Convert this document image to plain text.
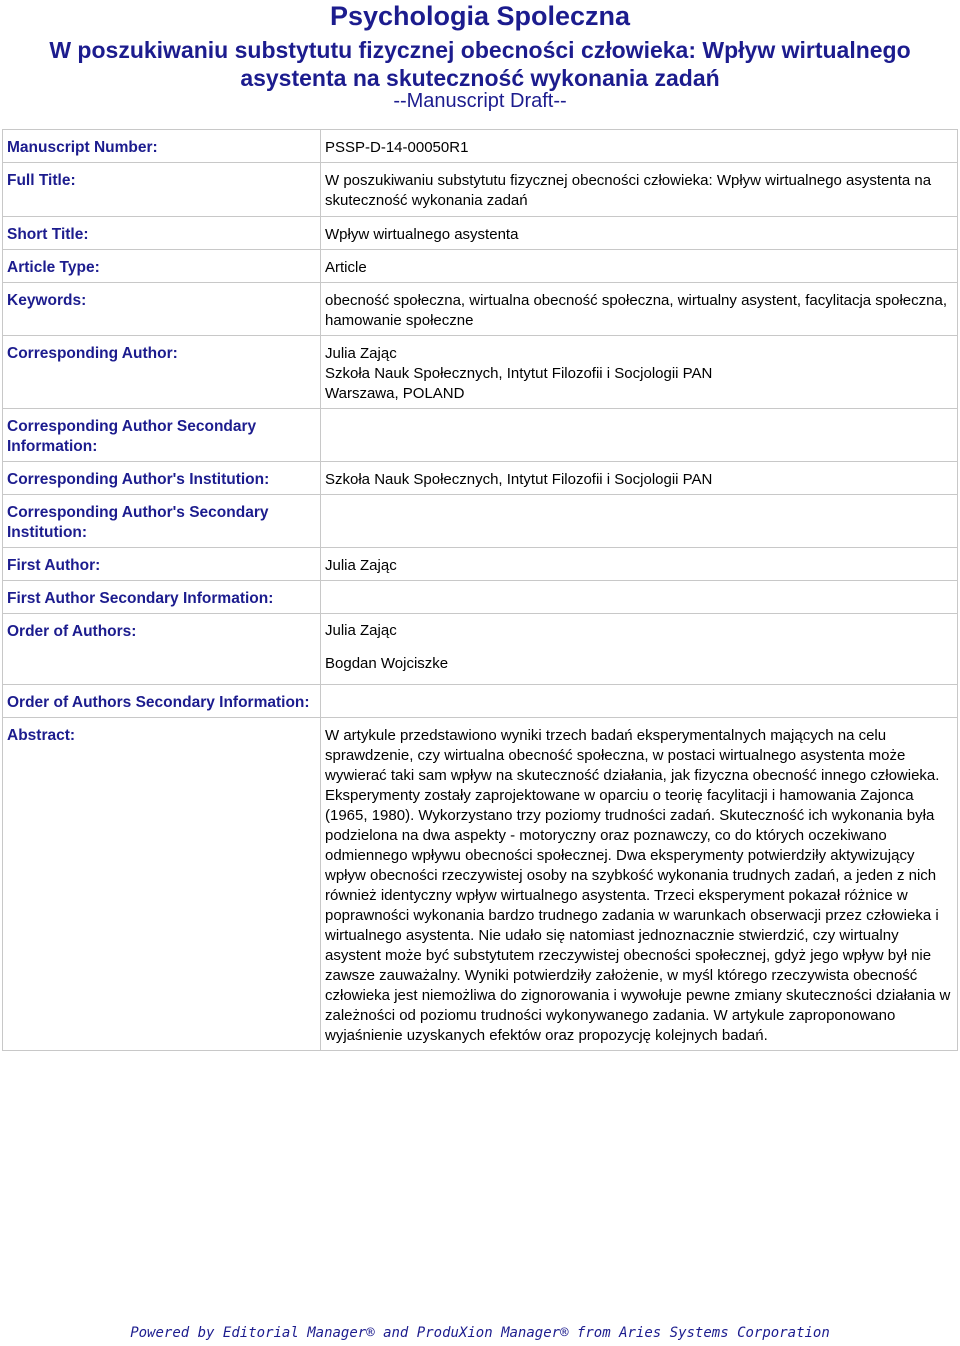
Psychologia Spoleczna
W poszukiwaniu substytutu fizycznej obecności człowieka: Wpływ wirtualnego asystenta na skuteczność wykonania zadań
--Manuscript Draft--
Manuscript Number:	PSSP-D-14-00050R1
Full Title:	W poszukiwaniu substytutu fizycznej obecności człowieka: Wpływ wirtualnego asystenta na skuteczność wykonania zadań
Short Title:	Wpływ wirtualnego asystenta
Article Type:	Article
Keywords:	obecność społeczna, wirtualna obecność społeczna, wirtualny asystent, facylitacja społeczna, hamowanie społeczne
Corresponding Author:	Julia Zając
Szkoła Nauk Społecznych, Intytut Filozofii i Socjologii PAN
Warszawa, POLAND

Corresponding Author Secondary Information:	
Corresponding Author's Institution:	Szkoła Nauk Społecznych, Intytut Filozofii i Socjologii PAN
Corresponding Author's Secondary Institution:	
First Author:	Julia Zając
First Author Secondary Information:	
Order of Authors:	Julia Zając
Bogdan Wojciszke

Order of Authors Secondary Information:	
Abstract:	W artykule przedstawiono wyniki trzech badań eksperymentalnych mających na celu sprawdzenie, czy wirtualna obecność społeczna, w postaci wirtualnego asystenta może wywierać taki sam wpływ na skuteczność działania, jak fizyczna obecność innego człowieka. Eksperymenty zostały zaprojektowane w oparciu o teorię facylitacji i hamowania Zajonca (1965, 1980). Wykorzystano trzy poziomy trudności zadań. Skuteczność ich wykonania była podzielona na dwa aspekty - motoryczny oraz poznawczy, co do których oczekiwano odmiennego wpływu obecności społecznej. Dwa eksperymenty potwierdziły aktywizujący wpływ obecności rzeczywistej osoby na szybkość wykonania trudnych zadań, a jeden z nich również identyczny wpływ wirtualnego asystenta. Trzeci eksperyment pokazał różnice w poprawności wykonania bardzo trudnego zadania w warunkach obserwacji przez człowieka i wirtualnego asystenta. Nie udało się natomiast jednoznacznie stwierdzić, czy wirtualny asystent może być substytutem rzeczywistej obecności społecznej, gdyż jego wpływ był nie zawsze zauważalny. Wyniki potwierdziły założenie, w myśl którego rzeczywista obecność człowieka jest niemożliwa do zignorowania i wywołuje pewne zmiany skuteczności działania w zależności od poziomu trudności wykonywanego zadania. W artykule zaproponowano wyjaśnienie uzyskanych efektów oraz propozycję kolejnych badań.
Powered by Editorial Manager® and ProduXion Manager® from Aries Systems Corporation
